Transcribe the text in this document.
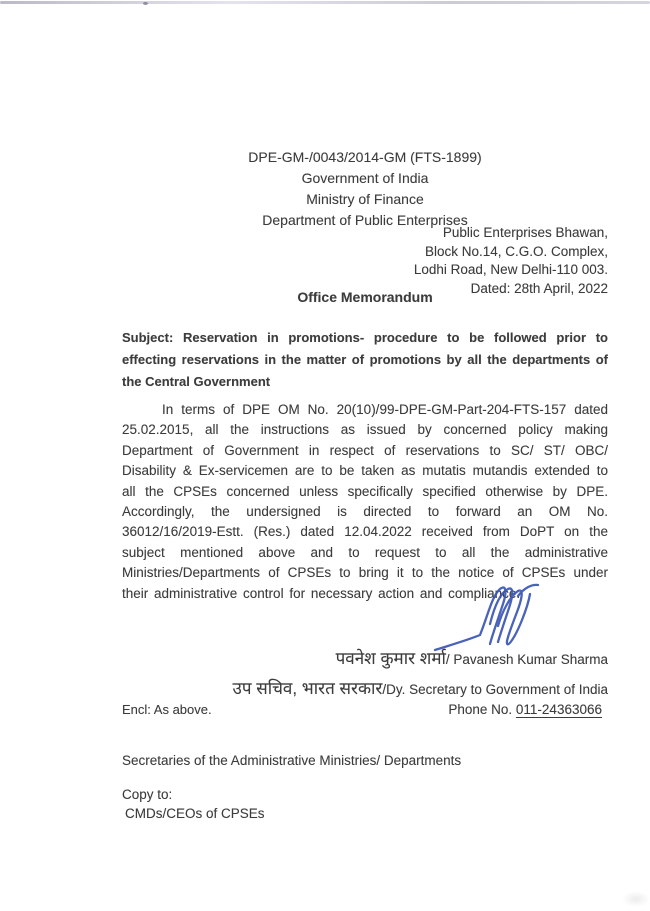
DPE-GM-/0043/2014-GM (FTS-1899)
Government of India
Ministry of Finance
Department of Public Enterprises
Public Enterprises Bhawan,
Block No.14, C.G.O. Complex,
Lodhi Road, New Delhi-110 003.
Dated: 28th April, 2022
Office Memorandum
Subject: Reservation in promotions- procedure to be followed prior to effecting reservations in the matter of promotions by all the departments of the Central Government
In terms of DPE OM No. 20(10)/99-DPE-GM-Part-204-FTS-157 dated 25.02.2015, all the instructions as issued by concerned policy making Department of Government in respect of reservations to SC/ ST/ OBC/ Disability & Ex-servicemen are to be taken as mutatis mutandis extended to all the CPSEs concerned unless specifically specified otherwise by DPE. Accordingly, the undersigned is directed to forward an OM No. 36012/16/2019-Estt. (Res.) dated 12.04.2022 received from DoPT on the subject mentioned above and to request to all the administrative Ministries/Departments of CPSEs to bring it to the notice of CPSEs under their administrative control for necessary action and compliance.
पवनेश कुमार शर्मा/ Pavanesh Kumar Sharma
उप सचिव, भारत सरकार/Dy. Secretary to Government of India
Encl: As above.	Phone No. 011-24363066
Secretaries of the Administrative Ministries/ Departments
Copy to:
CMDs/CEOs of CPSEs
